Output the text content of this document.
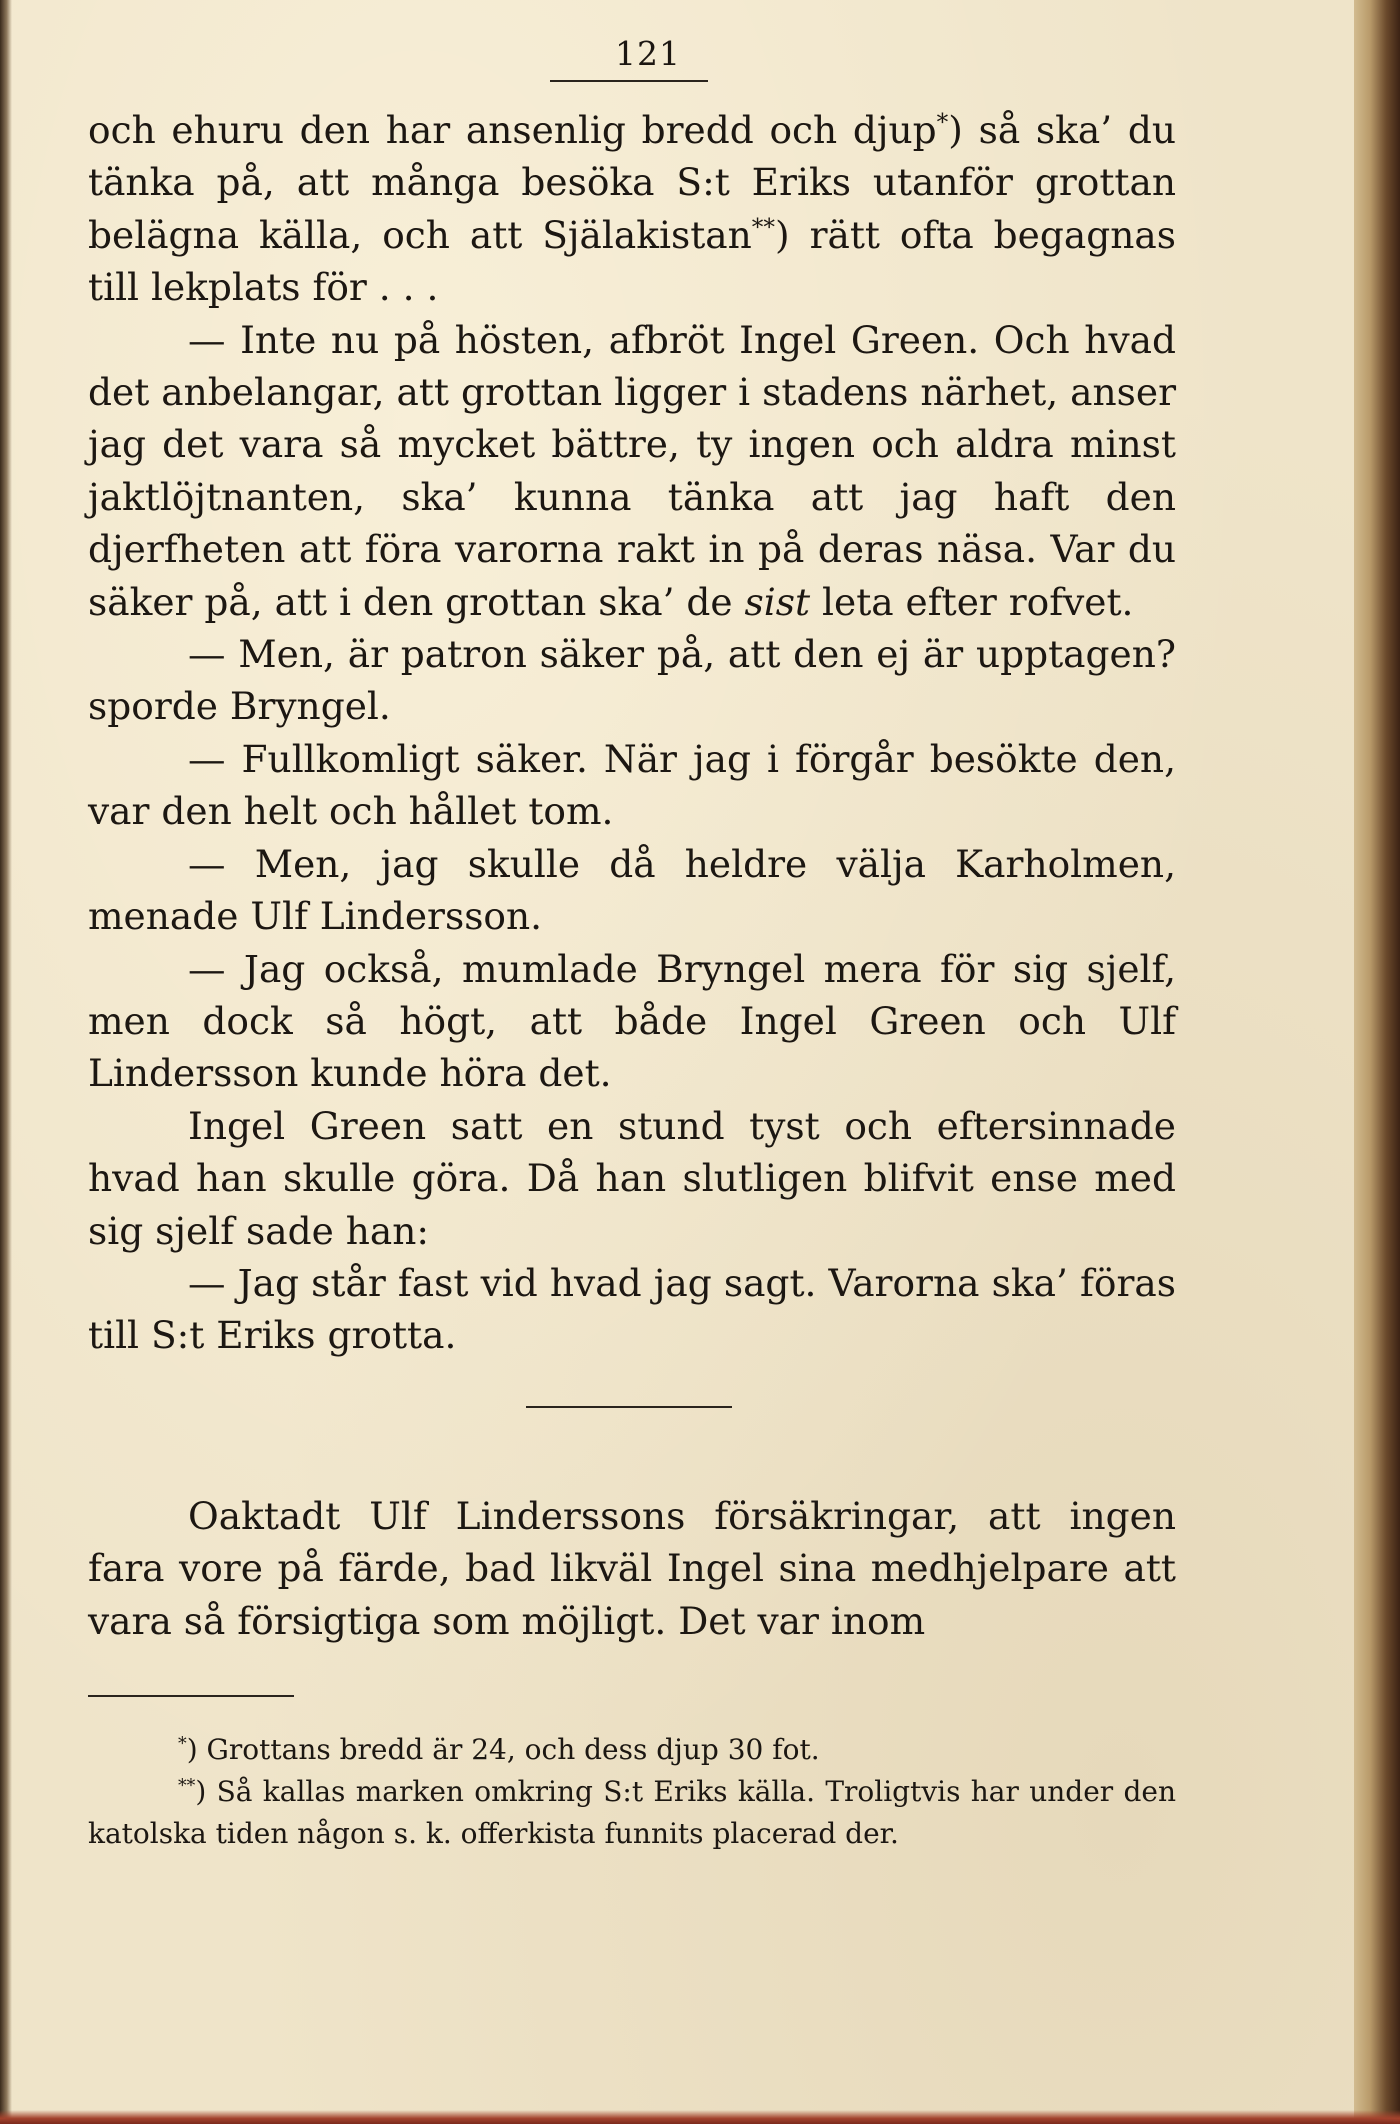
121

och ehuru den har ansenlig bredd och djup*) så ska’ du tänka på, att många besöka S:t Eriks utanför grottan belägna källa, och att Själakistan**) rätt ofta begagnas till lekplats för . . .

— Inte nu på hösten, afbröt Ingel Green. Och hvad det anbelangar, att grottan ligger i stadens närhet, anser jag det vara så mycket bättre, ty ingen och aldra minst jaktlöjtnanten, ska’ kunna tänka att jag haft den djerfheten att föra varorna rakt in på deras näsa. Var du säker på, att i den grottan ska’ de sist leta efter rofvet.

— Men, är patron säker på, att den ej är upptagen? sporde Bryngel.

— Fullkomligt säker. När jag i förgår besökte den, var den helt och hållet tom.

— Men, jag skulle då heldre välja Karholmen, menade Ulf Lindersson.

— Jag också, mumlade Bryngel mera för sig sjelf, men dock så högt, att både Ingel Green och Ulf Lindersson kunde höra det.

Ingel Green satt en stund tyst och eftersinnade hvad han skulle göra. Då han slutligen blifvit ense med sig sjelf sade han:

— Jag står fast vid hvad jag sagt. Varorna ska’ föras till S:t Eriks grotta.

Oaktadt Ulf Linderssons försäkringar, att ingen fara vore på färde, bad likväl Ingel sina medhjelpare att vara så försigtiga som möjligt. Det var inom

*) Grottans bredd är 24, och dess djup 30 fot.

**) Så kallas marken omkring S:t Eriks källa. Troligtvis har under den katolska tiden någon s. k. offerkista funnits placerad der.
